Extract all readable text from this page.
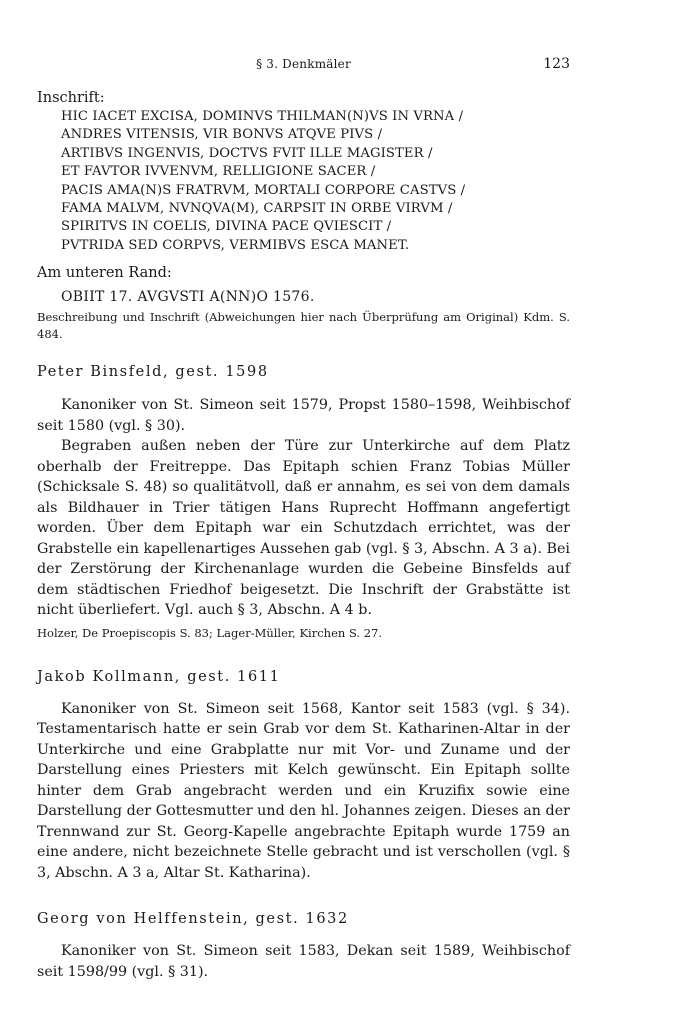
§ 3. Denkmäler	123

Inschrift:

HIC IACET EXCISA, DOMINVS THILMAN(N)VS IN VRNA /
ANDRES VITENSIS, VIR BONVS ATQVE PIVS /
ARTIBVS INGENVIS, DOCTVS FVIT ILLE MAGISTER /
ET FAVTOR IVVENVM, RELLIGIONE SACER /
PACIS AMA(N)S FRATRVM, MORTALI CORPORE CASTVS /
FAMA MALVM, NVNQVA(M), CARPSIT IN ORBE VIRVM /
SPIRITVS IN COELIS, DIVINA PACE QVIESCIT /
PVTRIDA SED CORPVS, VERMIBVS ESCA MANET.

Am unteren Rand:

OBIIT 17. AVGVSTI A(NN)O 1576.

Beschreibung und Inschrift (Abweichungen hier nach Überprüfung am Original) Kdm. S. 484.

Peter Binsfeld, gest. 1598

Kanoniker von St. Simeon seit 1579, Propst 1580–1598, Weihbischof seit 1580 (vgl. § 30).

Begraben außen neben der Türe zur Unterkirche auf dem Platz oberhalb der Freitreppe. Das Epitaph schien Franz Tobias Müller (Schicksale S. 48) so qualitätvoll, daß er annahm, es sei von dem damals als Bildhauer in Trier tätigen Hans Ruprecht Hoffmann angefertigt worden. Über dem Epitaph war ein Schutzdach errichtet, was der Grabstelle ein kapellenartiges Aussehen gab (vgl. § 3, Abschn. A 3 a). Bei der Zerstörung der Kirchenanlage wurden die Gebeine Binsfelds auf dem städtischen Friedhof beigesetzt. Die Inschrift der Grabstätte ist nicht überliefert. Vgl. auch § 3, Abschn. A 4 b.

Holzer, De Proepiscopis S. 83; Lager-Müller, Kirchen S. 27.

Jakob Kollmann, gest. 1611

Kanoniker von St. Simeon seit 1568, Kantor seit 1583 (vgl. § 34). Testamentarisch hatte er sein Grab vor dem St. Katharinen-Altar in der Unterkirche und eine Grabplatte nur mit Vor- und Zuname und der Darstellung eines Priesters mit Kelch gewünscht. Ein Epitaph sollte hinter dem Grab angebracht werden und ein Kruzifix sowie eine Darstellung der Gottesmutter und den hl. Johannes zeigen. Dieses an der Trennwand zur St. Georg-Kapelle angebrachte Epitaph wurde 1759 an eine andere, nicht bezeichnete Stelle gebracht und ist verschollen (vgl. § 3, Abschn. A 3 a, Altar St. Katharina).

Georg von Helffenstein, gest. 1632

Kanoniker von St. Simeon seit 1583, Dekan seit 1589, Weihbischof seit 1598/99 (vgl. § 31).
